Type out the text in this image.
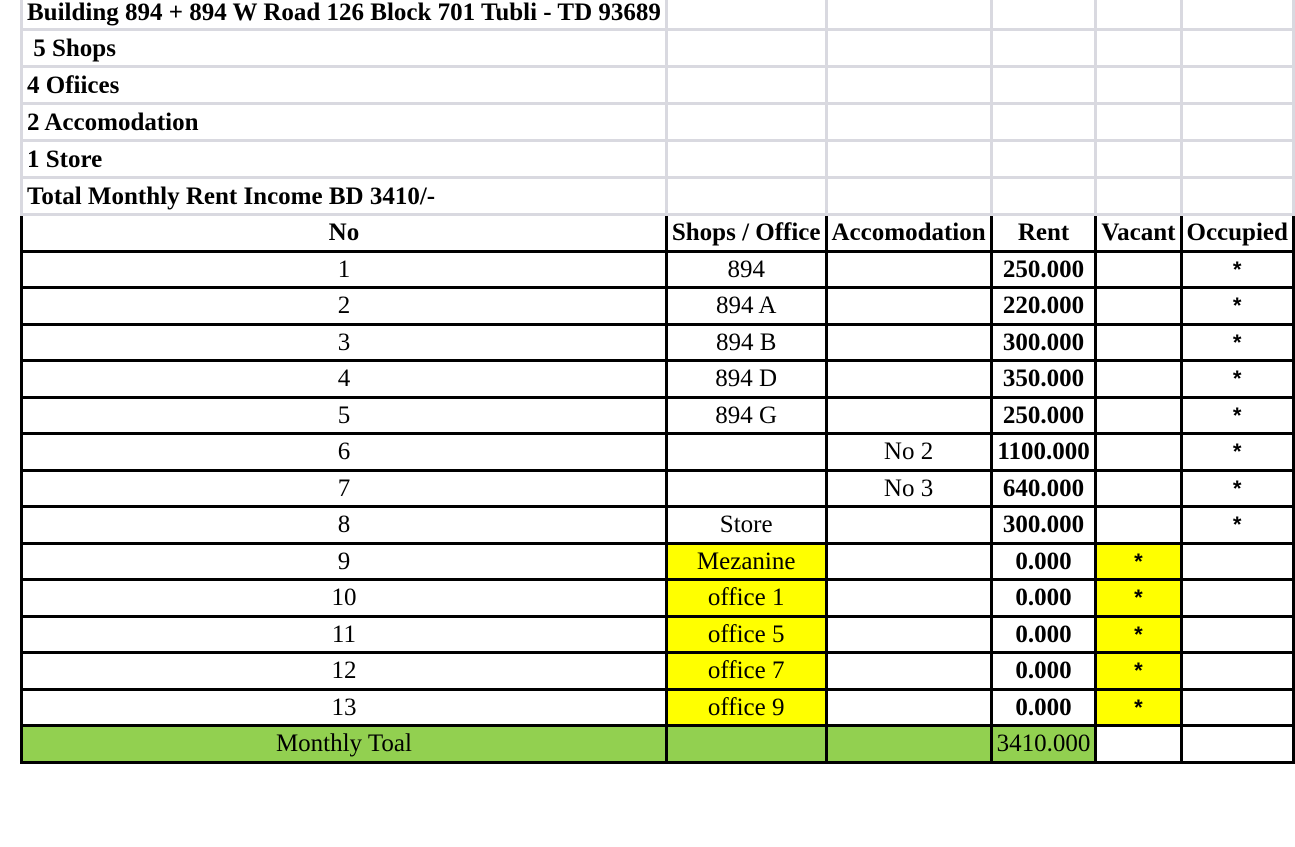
Building 894 + 894 W Road 126 Block 701 Tubli - TD 93689					
5 Shops					
4 Ofiices					
2 Accomodation					
1 Store					
Total Monthly Rent Income BD 3410/-					
No	Shops / Office	Accomodation	Rent	Vacant	Occupied
1	894		250.000		*
2	894 A		220.000		*
3	894 B		300.000		*
4	894 D		350.000		*
5	894 G		250.000		*
6		No 2	1100.000		*
7		No 3	640.000		*
8	Store		300.000		*
9	Mezanine		0.000	*	
10	office 1		0.000	*	
11	office 5		0.000	*	
12	office 7		0.000	*	
13	office 9		0.000	*	
Monthly Toal			3410.000		
